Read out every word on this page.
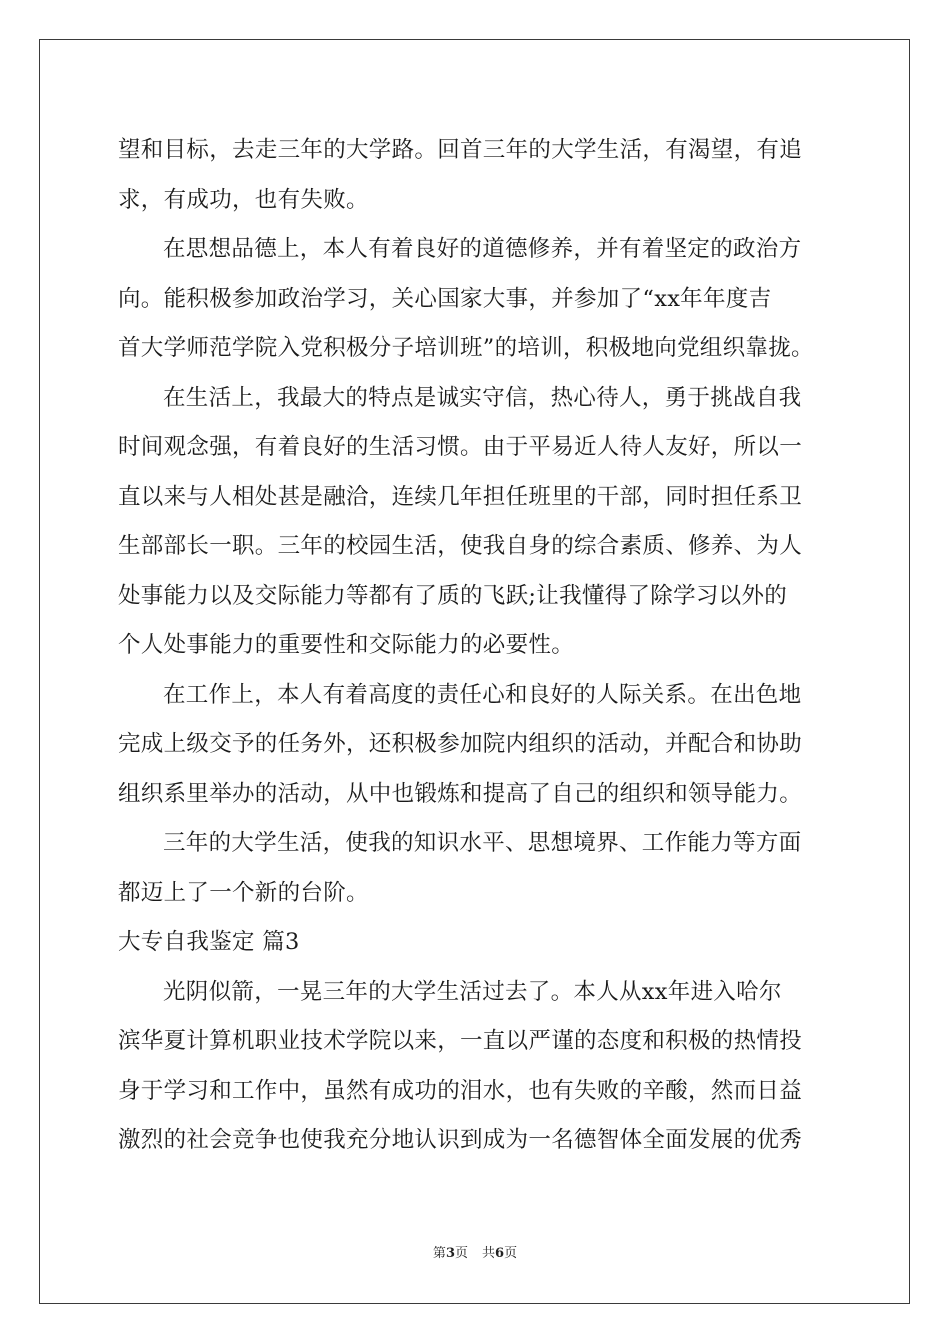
望和目标，去走三年的大学路。回首三年的大学生活，有渴望，有追
求，有成功，也有失败。
在思想品德上，本人有着良好的道德修养，并有着坚定的政治方
向。能积极参加政治学习，关心国家大事，并参加了“xx年年度吉
首大学师范学院入党积极分子培训班”的培训，积极地向党组织靠拢。
在生活上，我最大的特点是诚实守信，热心待人，勇于挑战自我
时间观念强，有着良好的生活习惯。由于平易近人待人友好，所以一
直以来与人相处甚是融洽，连续几年担任班里的干部，同时担任系卫
生部部长一职。三年的校园生活，使我自身的综合素质、修养、为人
处事能力以及交际能力等都有了质的飞跃;让我懂得了除学习以外的
个人处事能力的重要性和交际能力的必要性。
在工作上，本人有着高度的责任心和良好的人际关系。在出色地
完成上级交予的任务外，还积极参加院内组织的活动，并配合和协助
组织系里举办的活动，从中也锻炼和提高了自己的组织和领导能力。
三年的大学生活，使我的知识水平、思想境界、工作能力等方面
都迈上了一个新的台阶。
大专自我鉴定 篇3
光阴似箭，一晃三年的大学生活过去了。本人从xx年进入哈尔
滨华夏计算机职业技术学院以来，一直以严谨的态度和积极的热情投
身于学习和工作中，虽然有成功的泪水，也有失败的辛酸，然而日益
激烈的社会竞争也使我充分地认识到成为一名德智体全面发展的优秀
第3页 共6页
